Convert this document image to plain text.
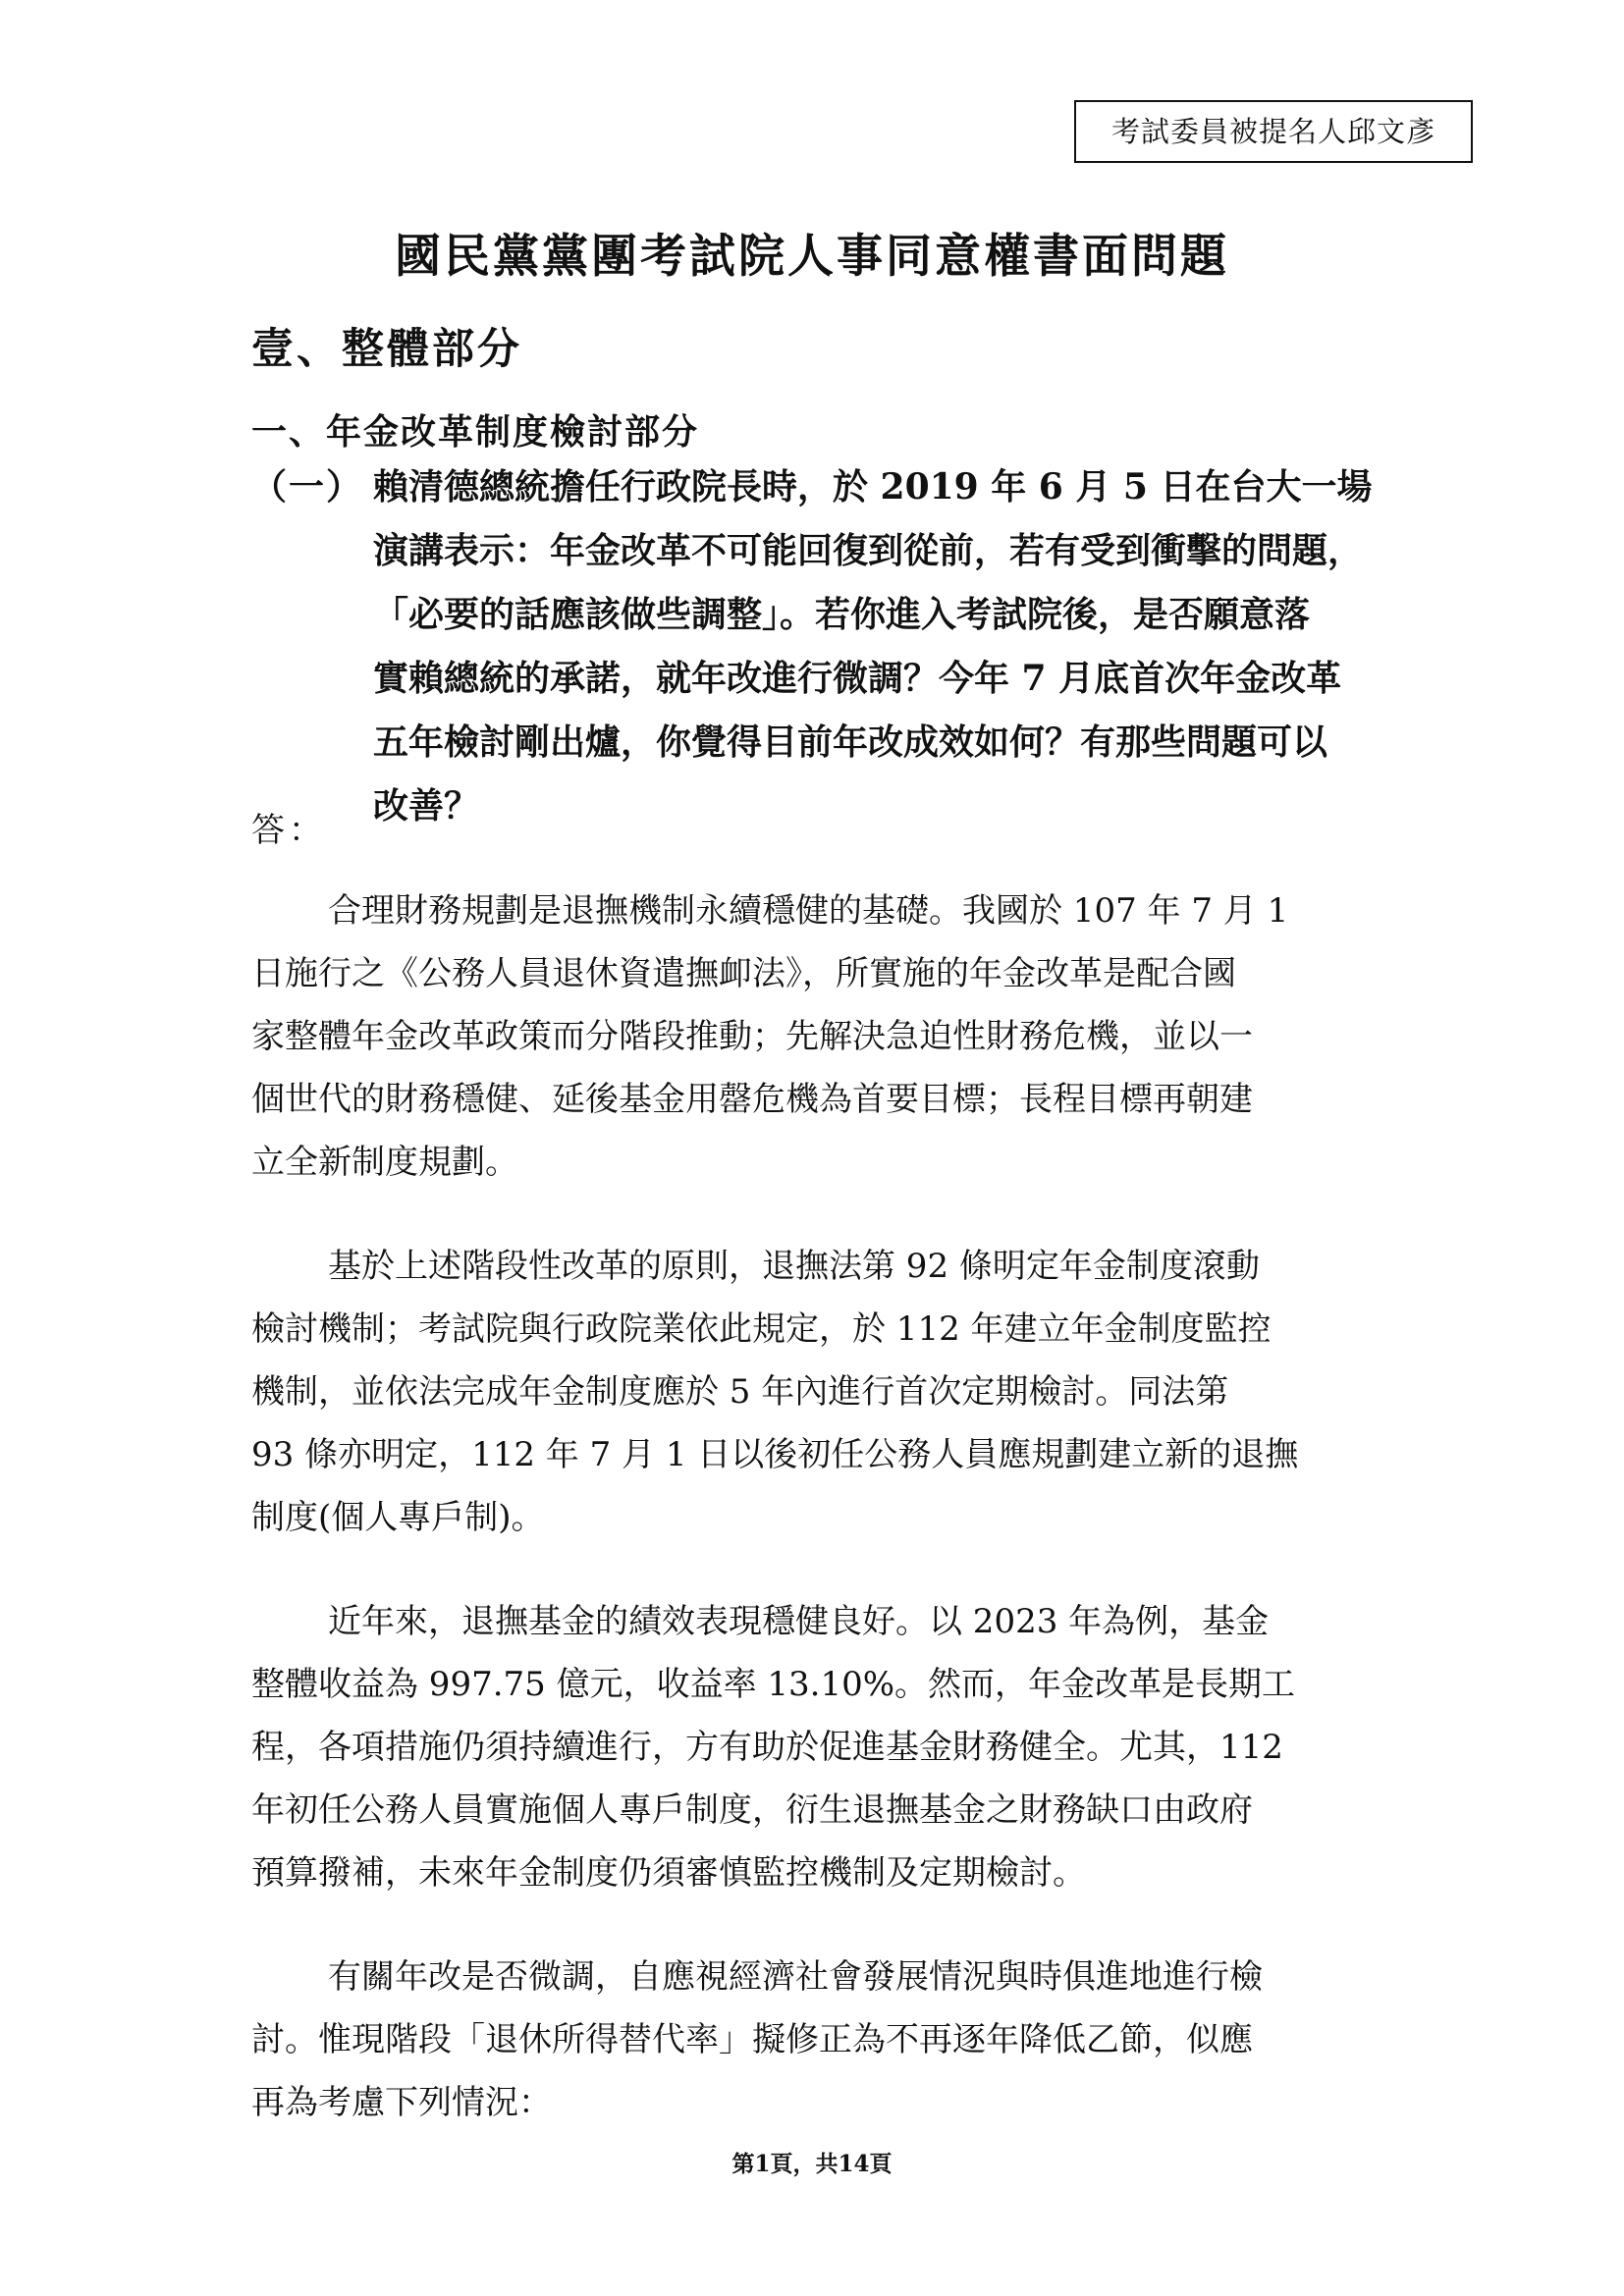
考試委員被提名人邱文彥
國民黨黨團考試院人事同意權書面問題
壹、整體部分
一、年金改革制度檢討部分
（一） 賴清德總統擔任行政院長時，於 2019 年 6 月 5 日在台大一場
演講表示：年金改革不可能回復到從前，若有受到衝擊的問題，
「必要的話應該做些調整」。若你進入考試院後，是否願意落
實賴總統的承諾，就年改進行微調？今年 7 月底首次年金改革
五年檢討剛出爐，你覺得目前年改成效如何？有那些問題可以
改善？
答：
合理財務規劃是退撫機制永續穩健的基礎。我國於 107 年 7 月 1
日施行之《公務人員退休資遣撫卹法》，所實施的年金改革是配合國
家整體年金改革政策而分階段推動；先解決急迫性財務危機，並以一
個世代的財務穩健、延後基金用罄危機為首要目標；長程目標再朝建
立全新制度規劃。
基於上述階段性改革的原則，退撫法第 92 條明定年金制度滾動
檢討機制；考試院與行政院業依此規定，於 112 年建立年金制度監控
機制，並依法完成年金制度應於 5 年內進行首次定期檢討。同法第
93 條亦明定，112 年 7 月 1 日以後初任公務人員應規劃建立新的退撫
制度(個人專戶制)。
近年來，退撫基金的績效表現穩健良好。以 2023 年為例，基金
整體收益為 997.75 億元，收益率 13.10%。然而，年金改革是長期工
程，各項措施仍須持續進行，方有助於促進基金財務健全。尤其，112
年初任公務人員實施個人專戶制度，衍生退撫基金之財務缺口由政府
預算撥補，未來年金制度仍須審慎監控機制及定期檢討。
有關年改是否微調，自應視經濟社會發展情況與時俱進地進行檢
討。惟現階段「退休所得替代率」擬修正為不再逐年降低乙節，似應
再為考慮下列情況：
第1頁，共14頁
